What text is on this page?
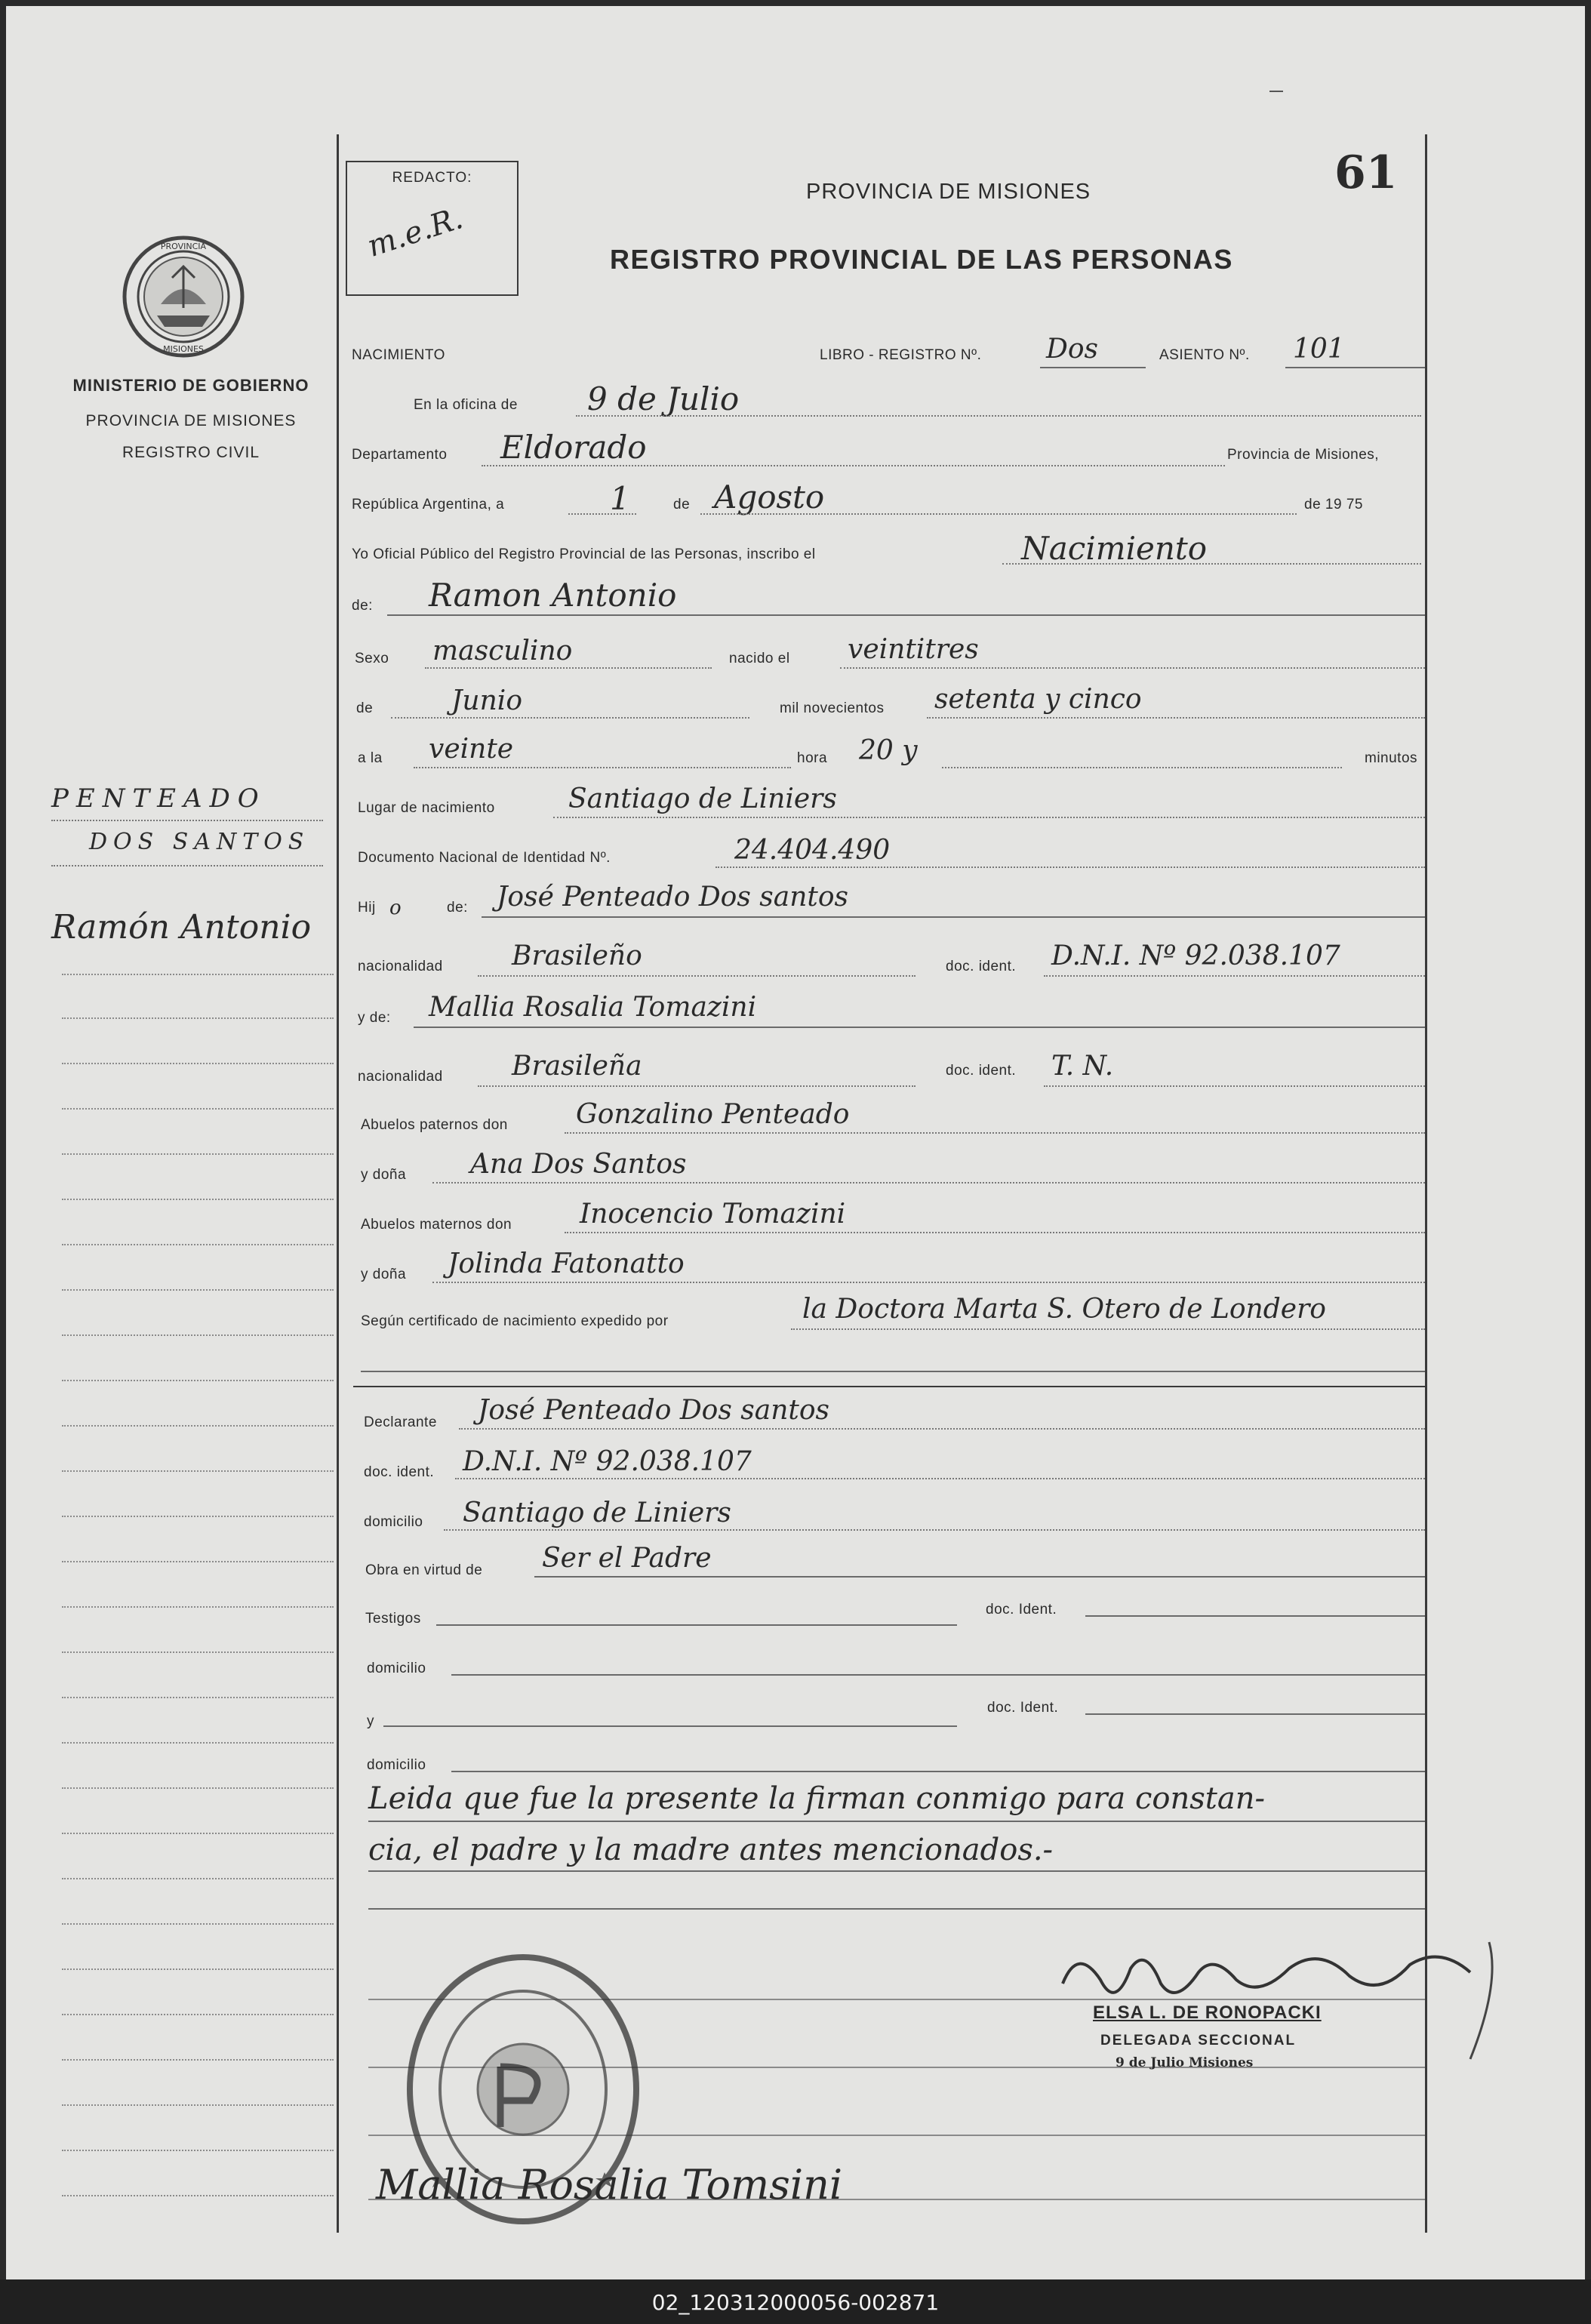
PROVINCIA
MISIONES
MINISTERIO DE GOBIERNO
PROVINCIA DE MISIONES
REGISTRO CIVIL
PENTEADO
DOS SANTOS
Ramón Antonio
REDACTO:
m.e.R.
61
PROVINCIA DE MISIONES
REGISTRO PROVINCIAL DE LAS PERSONAS
NACIMIENTO	LIBRO - REGISTRO Nº. Dos	ASIENTO Nº. 101
En la oficina de 9 de Julio
Departamento Eldorado	Provincia de Misiones,
República Argentina, a	1	de Agosto	de 19 75
Yo Oficial Público del Registro Provincial de las Personas, inscribo el	Nacimiento
de: Ramon Antonio
Sexo masculino	nacido el veintitres
de	Junio	mil novecientos setenta y cinco
a la veinte	hora 20 y	minutos
Lugar de nacimiento	Santiago de Liniers
Documento Nacional de Identidad Nº.	24.404.490
Hij o	de: José Penteado Dos santos
nacionalidad	Brasileño	doc. ident. D.N.I. Nº 92.038.107
y de: Mallia Rosalia Tomazini
nacionalidad	Brasileña	doc. ident. T. N.
Abuelos paternos don	Gonzalino Penteado
y doña Ana Dos Santos
Abuelos maternos don Inocencio Tomazini
y doña Jolinda Fatonatto
Según certificado de nacimiento expedido por	la Doctora Marta S. Otero de Londero
Declarante José Penteado Dos santos
doc. ident. D.N.I. Nº 92.038.107
domicilio Santiago de Liniers
Obra en virtud de Ser el Padre
Testigos
doc. Ident.
domicilio
y
doc. Ident.
domicilio
Leida que fue la presente la firman conmigo para constan-
cia, el padre y la madre antes mencionados.-
ELSA L. DE RONOPACKI
DELEGADA SECCIONAL
9 de Julio Misiones
Mallia Rosalia Tomsini
02_120312000056-002871
